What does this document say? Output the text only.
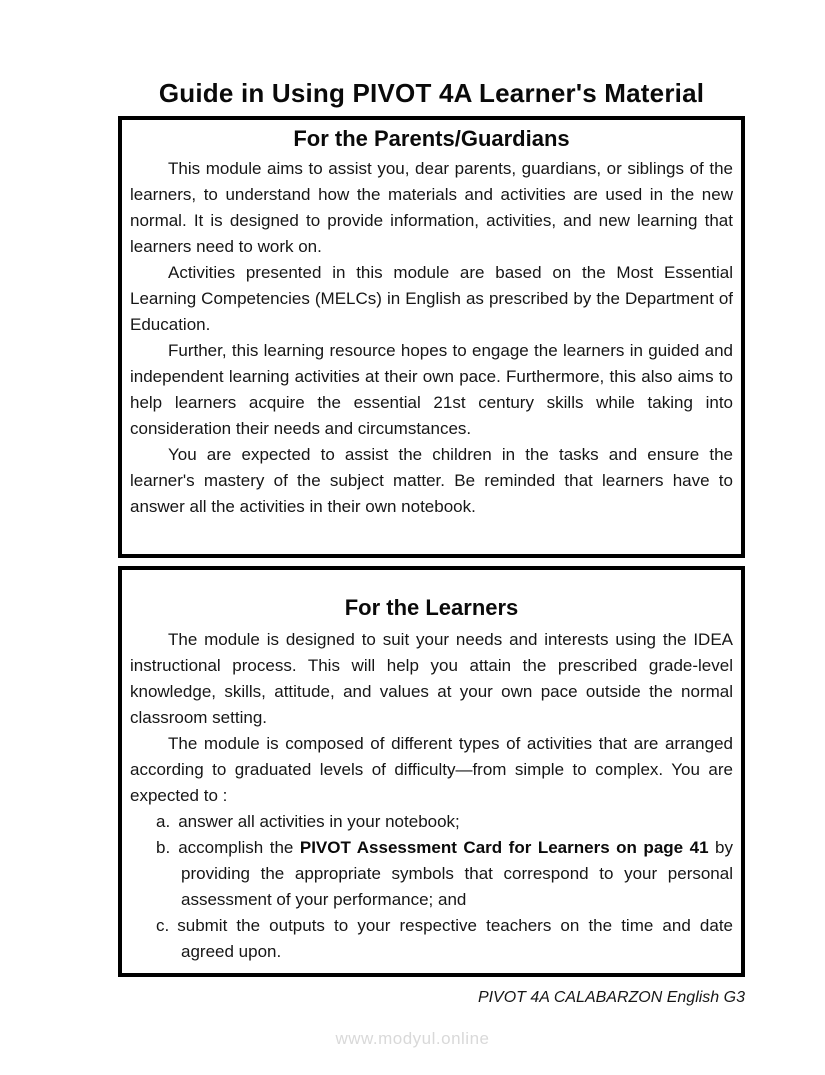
Guide in Using PIVOT 4A Learner's Material
For the Parents/Guardians

This module aims to assist you, dear parents, guardians, or siblings of the learners, to understand how the materials and activities are used in the new normal. It is designed to provide information, activities, and new learning that learners need to work on.

Activities presented in this module are based on the Most Essential Learning Competencies (MELCs) in English as prescribed by the Department of Education.

Further, this learning resource hopes to engage the learners in guided and independent learning activities at their own pace. Furthermore, this also aims to help learners acquire the essential 21st century skills while taking into consideration their needs and circumstances.

You are expected to assist the children in the tasks and ensure the learner's mastery of the subject matter. Be reminded that learners have to answer all the activities in their own notebook.

For the Learners

The module is designed to suit your needs and interests using the IDEA instructional process. This will help you attain the prescribed grade-level knowledge, skills, attitude, and values at your own pace outside the normal classroom setting.

The module is composed of different types of activities that are arranged according to graduated levels of difficulty—from simple to complex. You are expected to :

a. answer all activities in your notebook;
b. accomplish the PIVOT Assessment Card for Learners on page 41 by providing the appropriate symbols that correspond to your personal assessment of your performance; and
c. submit the outputs to your respective teachers on the time and date agreed upon.
PIVOT 4A CALABARZON English G3
www.modyul.online
